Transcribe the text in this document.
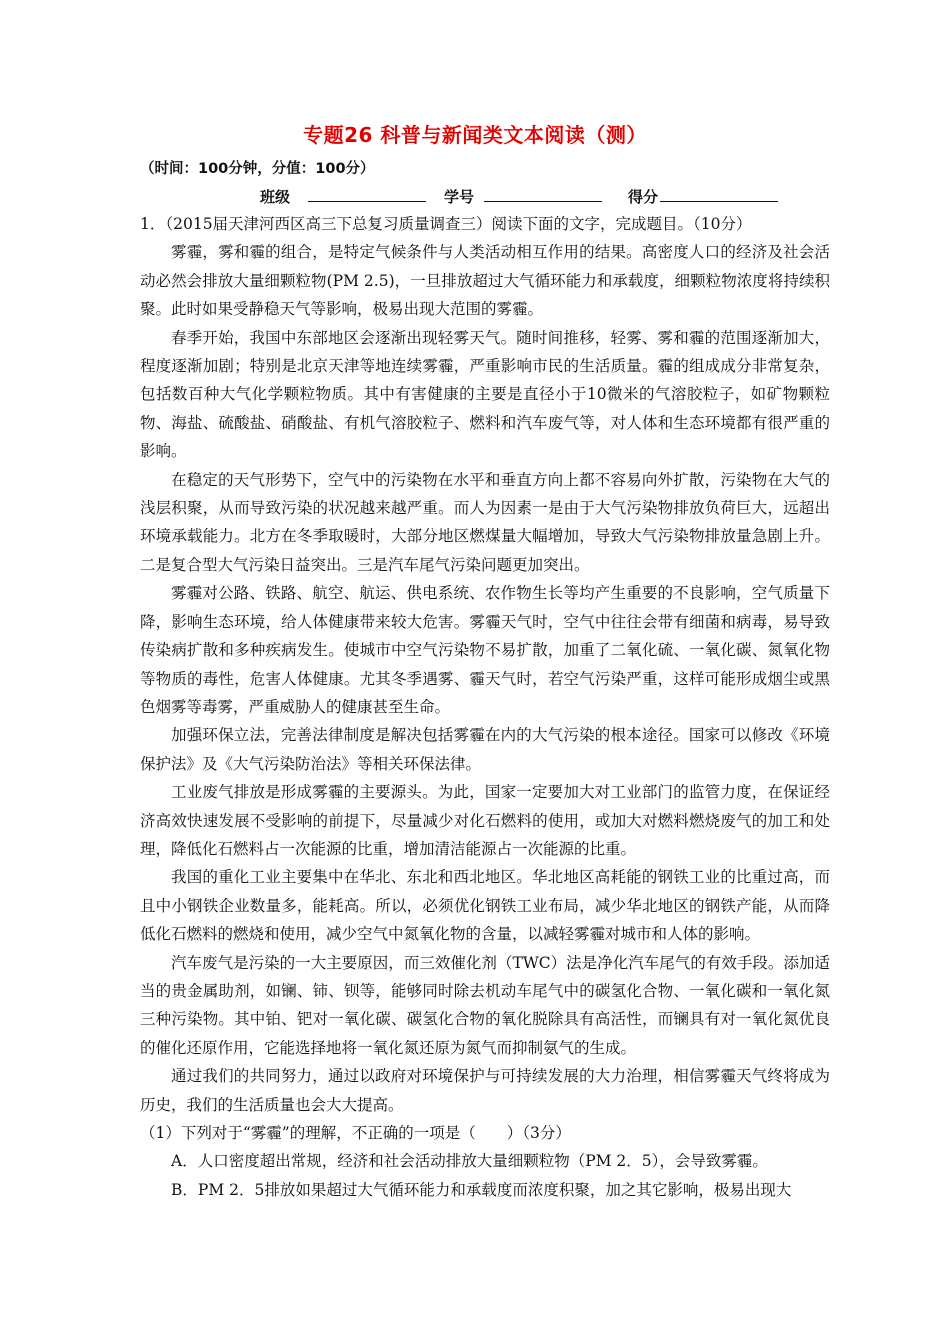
专题26 科普与新闻类文本阅读（测）
（时间：100分钟，分值：100分）
班级	学号	得分

1．（2015届天津河西区高三下总复习质量调查三）阅读下面的文字，完成题目。（10分）

雾霾，雾和霾的组合，是特定气候条件与人类活动相互作用的结果。高密度人口的经济及社会活动必然会排放大量细颗粒物(PM 2.5)，一旦排放超过大气循环能力和承载度，细颗粒物浓度将持续积聚。此时如果受静稳天气等影响，极易出现大范围的雾霾。

春季开始，我国中东部地区会逐渐出现轻雾天气。随时间推移，轻雾、雾和霾的范围逐渐加大，程度逐渐加剧；特别是北京天津等地连续雾霾，严重影响市民的生活质量。霾的组成成分非常复杂，包括数百种大气化学颗粒物质。其中有害健康的主要是直径小于10微米的气溶胶粒子，如矿物颗粒物、海盐、硫酸盐、硝酸盐、有机气溶胶粒子、燃料和汽车废气等，对人体和生态环境都有很严重的影响。

在稳定的天气形势下，空气中的污染物在水平和垂直方向上都不容易向外扩散，污染物在大气的浅层积聚，从而导致污染的状况越来越严重。而人为因素一是由于大气污染物排放负荷巨大，远超出环境承载能力。北方在冬季取暖时，大部分地区燃煤量大幅增加，导致大气污染物排放量急剧上升。二是复合型大气污染日益突出。三是汽车尾气污染问题更加突出。

雾霾对公路、铁路、航空、航运、供电系统、农作物生长等均产生重要的不良影响，空气质量下降，影响生态环境，给人体健康带来较大危害。雾霾天气时，空气中往往会带有细菌和病毒，易导致传染病扩散和多种疾病发生。使城市中空气污染物不易扩散，加重了二氧化硫、一氧化碳、氮氧化物等物质的毒性，危害人体健康。尤其冬季遇雾、霾天气时，若空气污染严重，这样可能形成烟尘或黑色烟雾等毒雾，严重威胁人的健康甚至生命。

加强环保立法，完善法律制度是解决包括雾霾在内的大气污染的根本途径。国家可以修改《环境保护法》及《大气污染防治法》等相关环保法律。

工业废气排放是形成雾霾的主要源头。为此，国家一定要加大对工业部门的监管力度，在保证经济高效快速发展不受影响的前提下，尽量减少对化石燃料的使用，或加大对燃料燃烧废气的加工和处理，降低化石燃料占一次能源的比重，增加清洁能源占一次能源的比重。

我国的重化工业主要集中在华北、东北和西北地区。华北地区高耗能的钢铁工业的比重过高，而且中小钢铁企业数量多，能耗高。所以，必须优化钢铁工业布局，减少华北地区的钢铁产能，从而降低化石燃料的燃烧和使用，减少空气中氮氧化物的含量，以减轻雾霾对城市和人体的影响。

汽车废气是污染的一大主要原因，而三效催化剂（TWC）法是净化汽车尾气的有效手段。添加适当的贵金属助剂，如镧、铈、钡等，能够同时除去机动车尾气中的碳氢化合物、一氧化碳和一氧化氮三种污染物。其中铂、钯对一氧化碳、碳氢化合物的氧化脱除具有高活性，而镧具有对一氧化氮优良的催化还原作用，它能选择地将一氧化氮还原为氮气而抑制氨气的生成。

通过我们的共同努力，通过以政府对环境保护与可持续发展的大力治理，相信雾霾天气终将成为历史，我们的生活质量也会大大提高。

（1）下列对于“雾霾”的理解，不正确的一项是（　　）（3分）

A．人口密度超出常规，经济和社会活动排放大量细颗粒物（PM 2．5），会导致雾霾。

B．PM 2．5排放如果超过大气循环能力和承载度而浓度积聚，加之其它影响，极易出现大
